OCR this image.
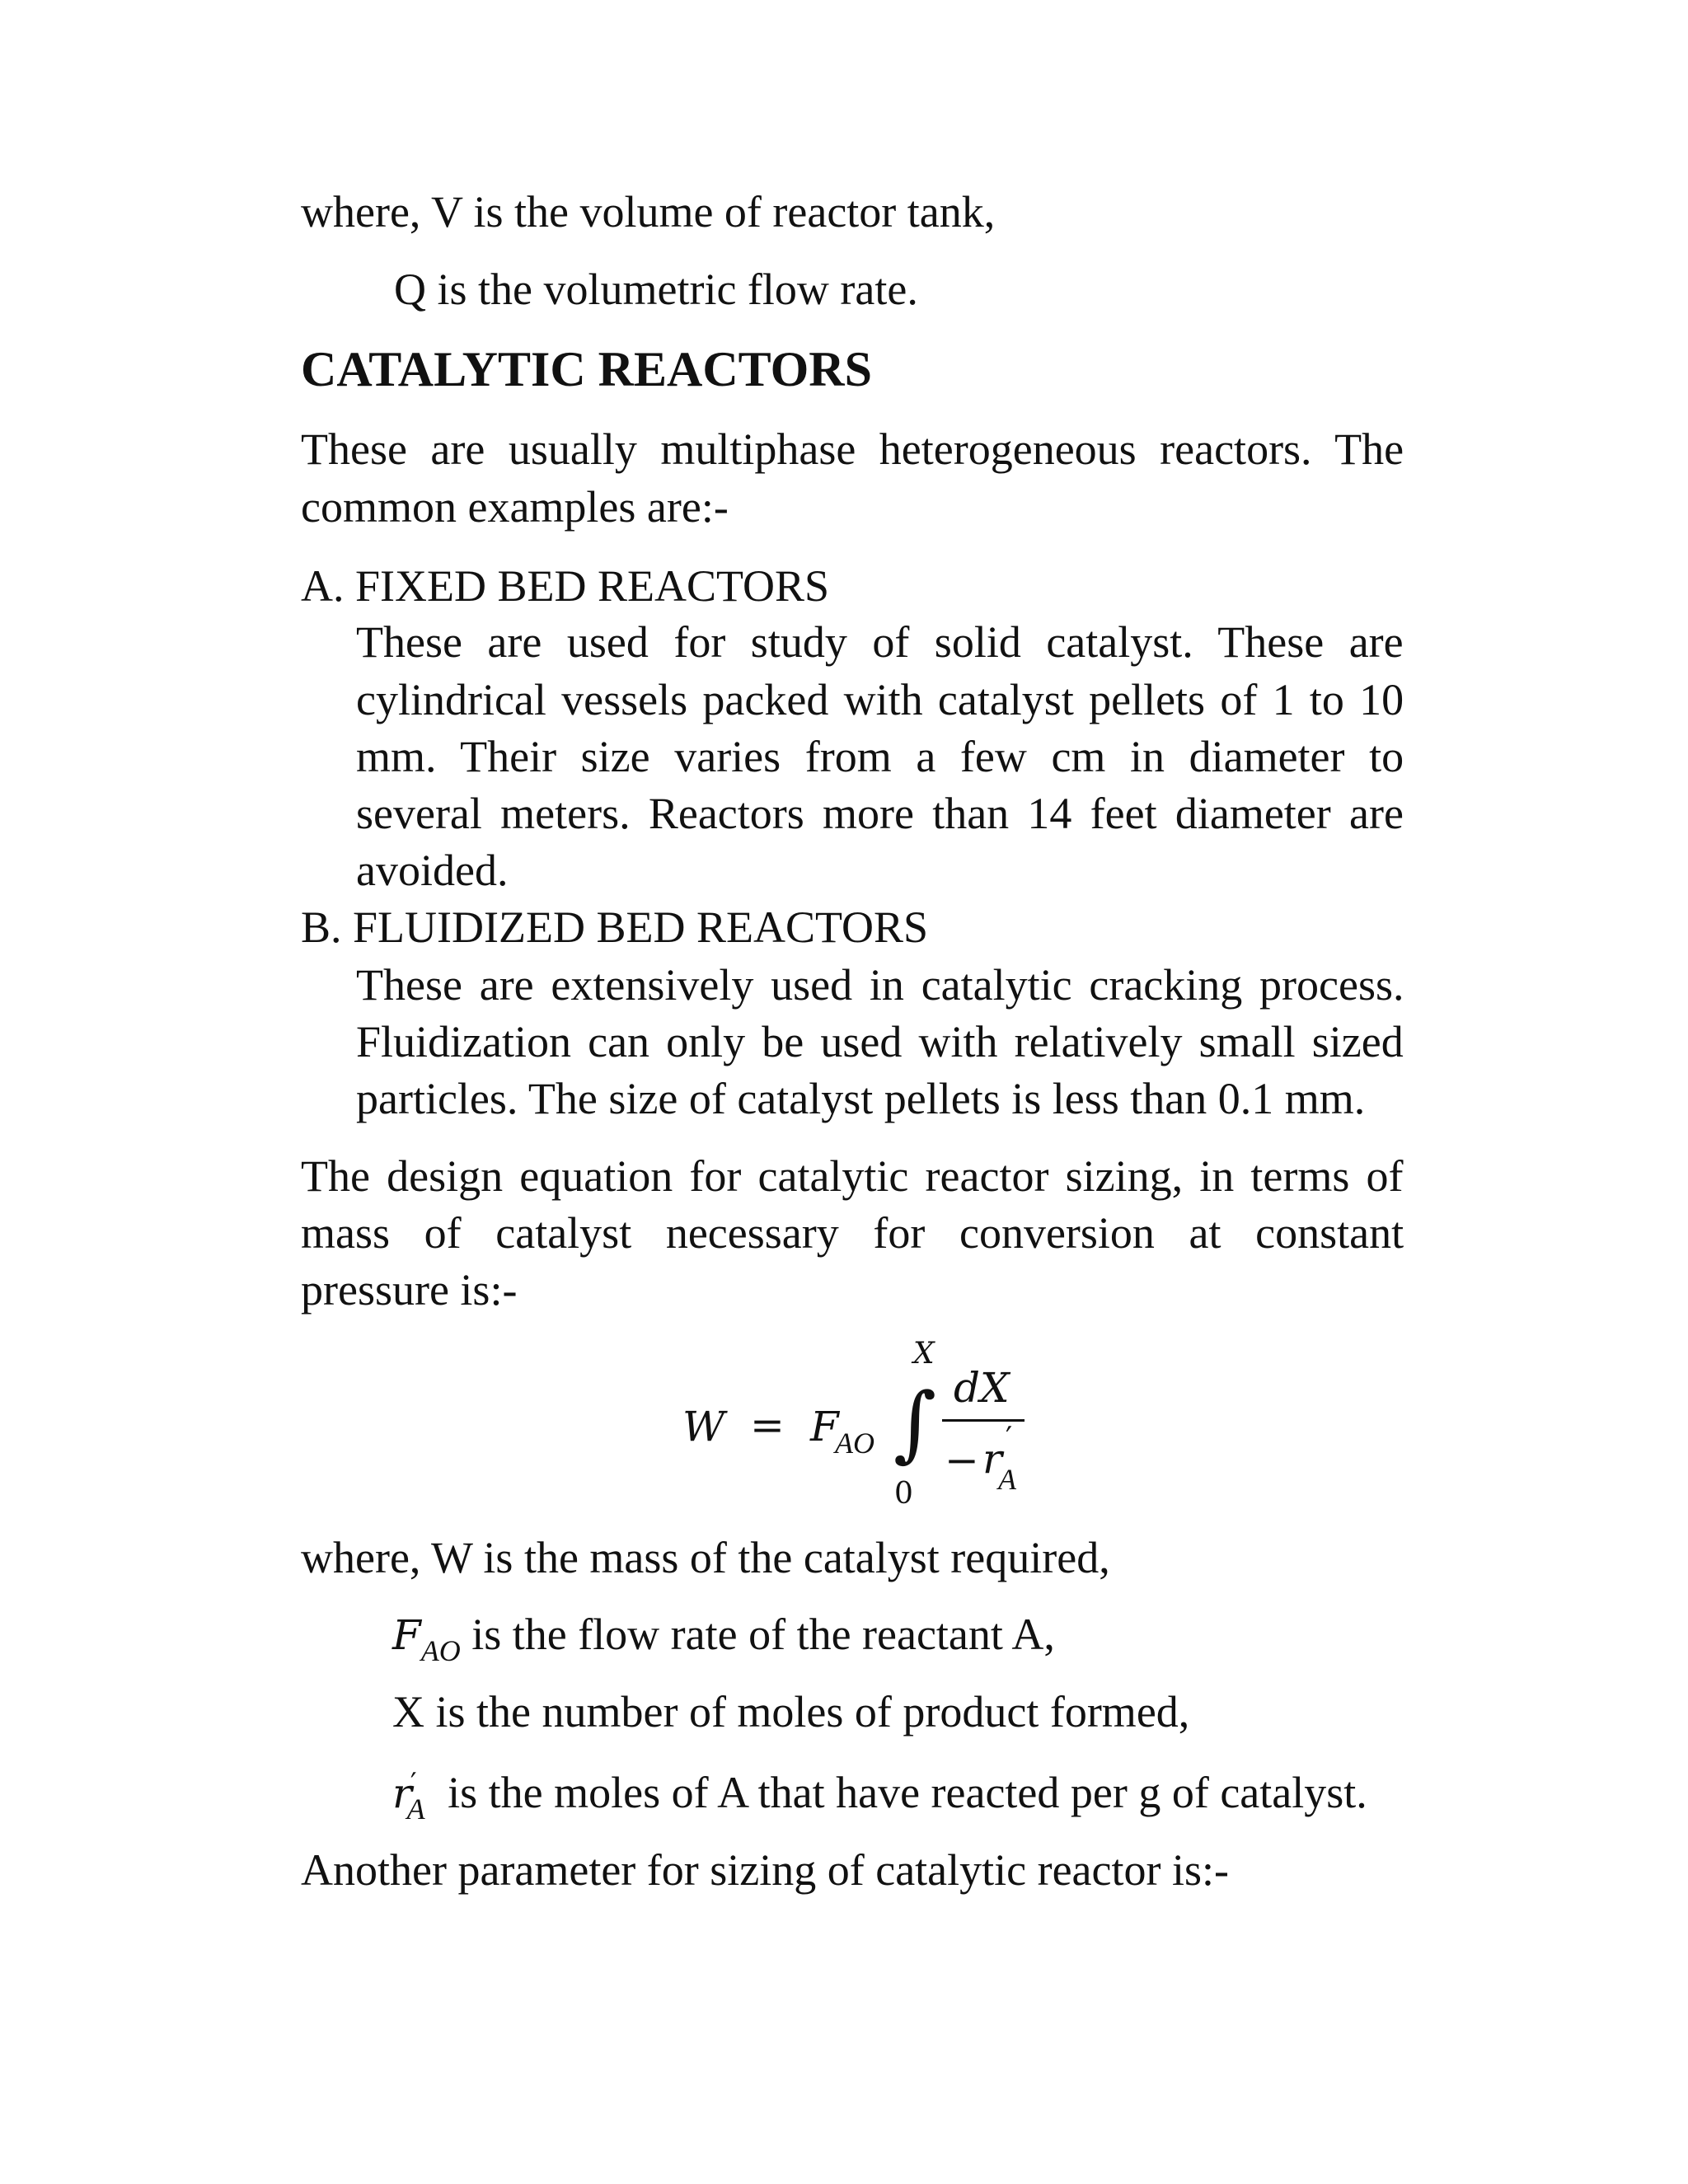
where, V is the volume of reactor tank,
Q is the volumetric flow rate.
CATALYTIC REACTORS
These are usually multiphase heterogeneous reactors. The
common examples are:-
A. FIXED BED REACTORS
These are used for study of solid catalyst. These are
cylindrical vessels packed with catalyst pellets of 1 to 10
mm. Their size varies from a few cm in diameter to
several meters. Reactors more than 14 feet diameter are
avoided.
B. FLUIDIZED BED REACTORS
These are extensively used in catalytic cracking process.
Fluidization can only be used with relatively small sized
particles. The size of catalyst pellets is less than 0.1 mm.
The design equation for catalytic reactor sizing, in terms of
mass of catalyst necessary for conversion at constant
pressure is:-
W = F
AO ∫
X
0
dX
− r
A
′
where, W is the mass of the catalyst required,
$F_{AO}$ is the flow rate of the reactant A,
X is the number of moles of product formed,
$r'_A$ is the moles of A that have reacted per g of catalyst.
Another parameter for sizing of catalytic reactor is:-
